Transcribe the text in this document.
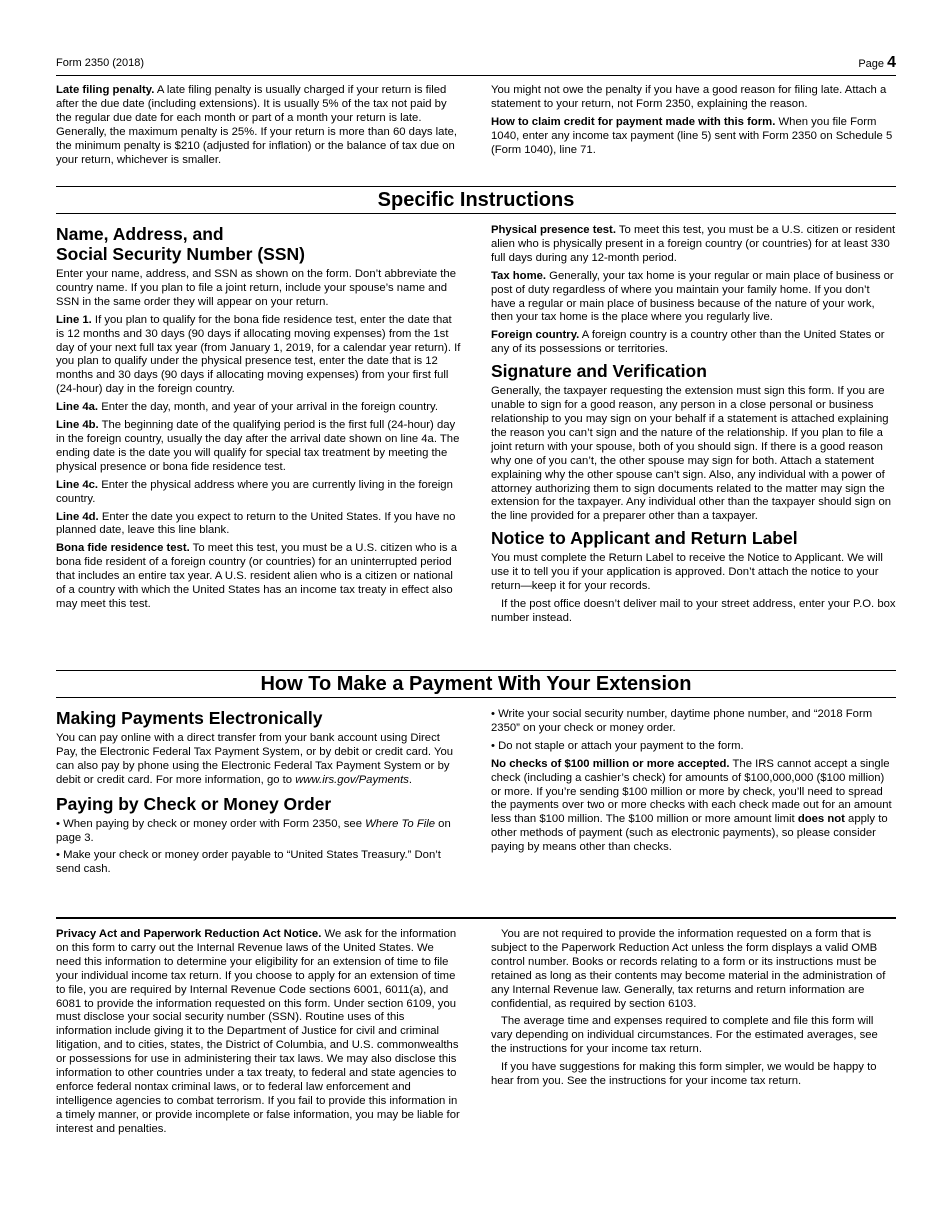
Form 2350 (2018)	Page 4

Late filing penalty. A late filing penalty is usually charged if your return is filed after the due date (including extensions). It is usually 5% of the tax not paid by the regular due date for each month or part of a month your return is late. Generally, the maximum penalty is 25%. If your return is more than 60 days late, the minimum penalty is $210 (adjusted for inflation) or the balance of tax due on your return, whichever is smaller.

You might not owe the penalty if you have a good reason for filing late. Attach a statement to your return, not Form 2350, explaining the reason.

How to claim credit for payment made with this form. When you file Form 1040, enter any income tax payment (line 5) sent with Form 2350 on Schedule 5 (Form 1040), line 71.

Specific Instructions
Name, Address, and
Social Security Number (SSN)

Enter your name, address, and SSN as shown on the form. Don’t abbreviate the country name. If you plan to file a joint return, include your spouse’s name and SSN in the same order they will appear on your return.

Line 1. If you plan to qualify for the bona fide residence test, enter the date that is 12 months and 30 days (90 days if allocating moving expenses) from the 1st day of your next full tax year (from January 1, 2019, for a calendar year return). If you plan to qualify under the physical presence test, enter the date that is 12 months and 30 days (90 days if allocating moving expenses) from your first full (24-hour) day in the foreign country.

Line 4a. Enter the day, month, and year of your arrival in the foreign country.

Line 4b. The beginning date of the qualifying period is the first full (24-hour) day in the foreign country, usually the day after the arrival date shown on line 4a. The ending date is the date you will qualify for special tax treatment by meeting the physical presence or bona fide residence test.

Line 4c. Enter the physical address where you are currently living in the foreign country.

Line 4d. Enter the date you expect to return to the United States. If you have no planned date, leave this line blank.

Bona fide residence test. To meet this test, you must be a U.S. citizen who is a bona fide resident of a foreign country (or countries) for an uninterrupted period that includes an entire tax year. A U.S. resident alien who is a citizen or national of a country with which the United States has an income tax treaty in effect also may meet this test.

Physical presence test. To meet this test, you must be a U.S. citizen or resident alien who is physically present in a foreign country (or countries) for at least 330 full days during any 12-month period.

Tax home. Generally, your tax home is your regular or main place of business or post of duty regardless of where you maintain your family home. If you don’t have a regular or main place of business because of the nature of your work, then your tax home is the place where you regularly live.

Foreign country. A foreign country is a country other than the United States or any of its possessions or territories.

Signature and Verification

Generally, the taxpayer requesting the extension must sign this form. If you are unable to sign for a good reason, any person in a close personal or business relationship to you may sign on your behalf if a statement is attached explaining the reason you can’t sign and the nature of the relationship. If you plan to file a joint return with your spouse, both of you should sign. If there is a good reason why one of you can’t, the other spouse may sign for both. Attach a statement explaining why the other spouse can’t sign. Also, any individual with a power of attorney authorizing them to sign documents related to the matter may sign the extension for the taxpayer. Any individual other than the taxpayer should sign on the line provided for a preparer other than a taxpayer.

Notice to Applicant and Return Label

You must complete the Return Label to receive the Notice to Applicant. We will use it to tell you if your application is approved. Don’t attach the notice to your return—keep it for your records.

If the post office doesn’t deliver mail to your street address, enter your P.O. box number instead.

How To Make a Payment With Your Extension
Making Payments Electronically

You can pay online with a direct transfer from your bank account using Direct Pay, the Electronic Federal Tax Payment System, or by debit or credit card. You can also pay by phone using the Electronic Federal Tax Payment System or by debit or credit card. For more information, go to www.irs.gov/Payments.

Paying by Check or Money Order

• When paying by check or money order with Form 2350, see Where To File on page 3.

• Make your check or money order payable to “United States Treasury.” Don’t send cash.

• Write your social security number, daytime phone number, and “2018 Form 2350” on your check or money order.

• Do not staple or attach your payment to the form.

No checks of $100 million or more accepted. The IRS cannot accept a single check (including a cashier’s check) for amounts of $100,000,000 ($100 million) or more. If you’re sending $100 million or more by check, you’ll need to spread the payments over two or more checks with each check made out for an amount less than $100 million. The $100 million or more amount limit does not apply to other methods of payment (such as electronic payments), so please consider paying by means other than checks.

Privacy Act and Paperwork Reduction Act Notice. We ask for the information on this form to carry out the Internal Revenue laws of the United States. We need this information to determine your eligibility for an extension of time to file your individual income tax return. If you choose to apply for an extension of time to file, you are required by Internal Revenue Code sections 6001, 6011(a), and 6081 to provide the information requested on this form. Under section 6109, you must disclose your social security number (SSN). Routine uses of this information include giving it to the Department of Justice for civil and criminal litigation, and to cities, states, the District of Columbia, and U.S. commonwealths or possessions for use in administering their tax laws. We may also disclose this information to other countries under a tax treaty, to federal and state agencies to enforce federal nontax criminal laws, or to federal law enforcement and intelligence agencies to combat terrorism. If you fail to provide this information in a timely manner, or provide incomplete or false information, you may be liable for interest and penalties.

You are not required to provide the information requested on a form that is subject to the Paperwork Reduction Act unless the form displays a valid OMB control number. Books or records relating to a form or its instructions must be retained as long as their contents may become material in the administration of any Internal Revenue law. Generally, tax returns and return information are confidential, as required by section 6103.

The average time and expenses required to complete and file this form will vary depending on individual circumstances. For the estimated averages, see the instructions for your income tax return.

If you have suggestions for making this form simpler, we would be happy to hear from you. See the instructions for your income tax return.
